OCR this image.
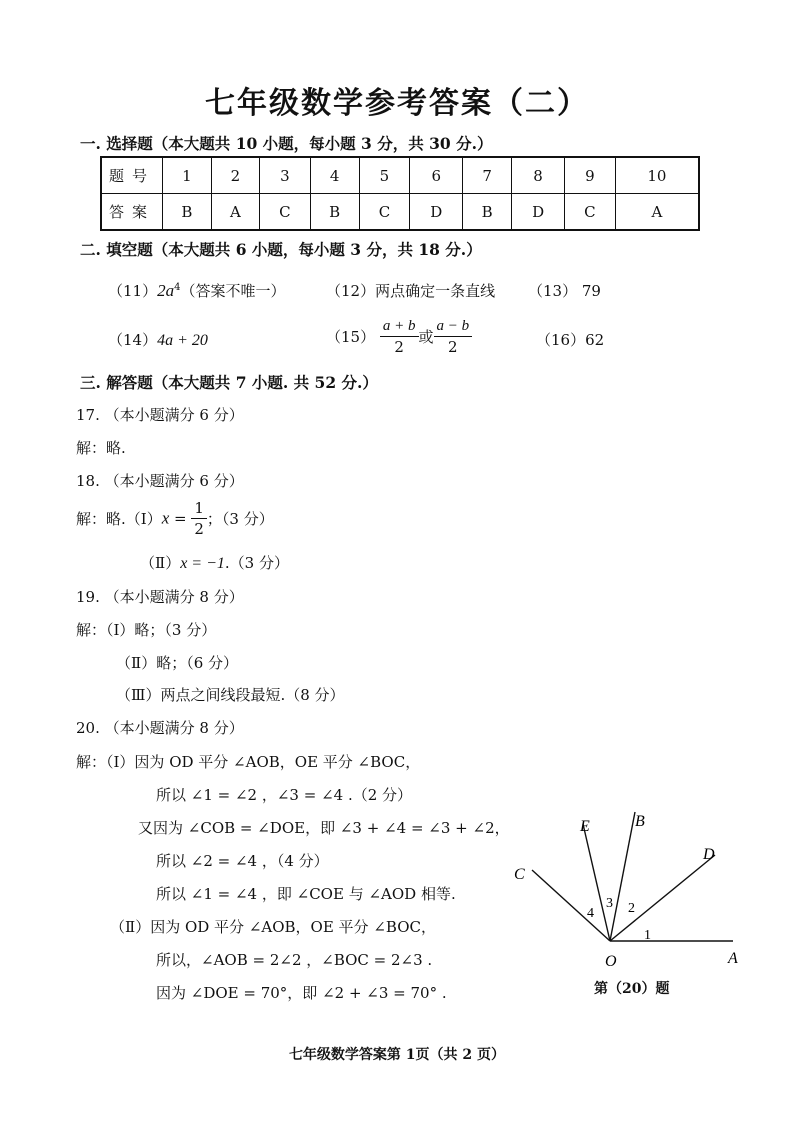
七年级数学参考答案（二）
一. 选择题（本大题共 10 小题，每小题 3 分，共 30 分.）
题号	1	2	3	4	5	6	7	8	9	10
答案	B	A	C	B	C	D	B	D	C	A
二. 填空题（本大题共 6 小题，每小题 3 分，共 18 分.）
$(11)2a^4$（答案不唯一）	（12）两点确定一条直线 （13） 79
（14）4a + 20	$(15) \frac{a + b}{2}$ 或 $\frac{a - b}{2}$	（16）62
三. 解答题（本大题共 7 小题. 共 52 分.）
17. （本小题满分 6 分）
解：略.
18. （本小题满分 6 分）
解：略.（Ⅰ）x = $\frac{1}{2}$ ；（3 分）
（Ⅱ）x = −1.（3 分）
19. （本小题满分 8 分）
解：（Ⅰ）略；（3 分）
（Ⅱ）略；（6 分）
（Ⅲ）两点之间线段最短.（8 分）
20. （本小题满分 8 分）
解：（Ⅰ）因为 OD 平分 ∠AOB，OE 平分 ∠BOC，
所以 ∠1 = ∠2 ，∠3 = ∠4 .（2 分）
又因为 ∠COB = ∠DOE，即 ∠3 + ∠4 = ∠3 + ∠2，
所以 ∠2 = ∠4 ，（4 分）
所以 ∠1 = ∠4 ，即 ∠COE 与 ∠AOD 相等.
（Ⅱ）因为 OD 平分 ∠AOB，OE 平分 ∠BOC，
所以，∠AOB = 2∠2 ，∠BOC = 2∠3 .
因为 ∠DOE = 70°，即 ∠2 + ∠3 = 70° .
O	A
B
C
D
E
1
2
3
4
第（20）题
七年级数学答案第 1页（共 2 页）
